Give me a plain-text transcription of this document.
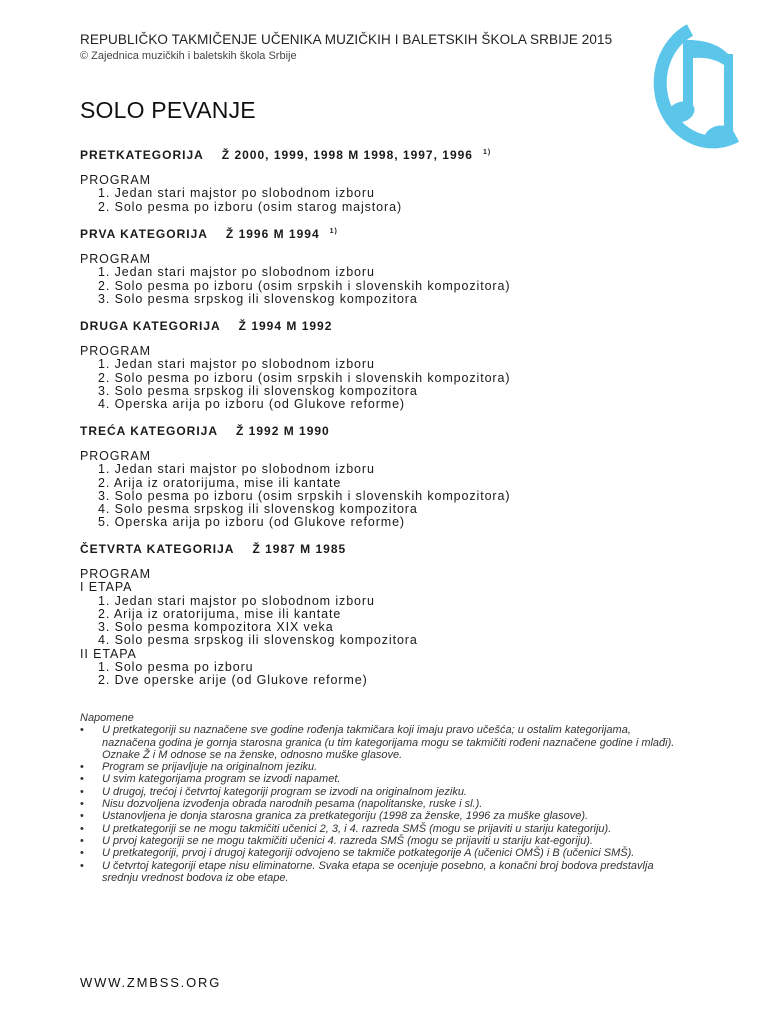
REPUBLIČKO TAKMIČENJE UČENIKA MUZIČKIH I BALETSKIH ŠKOLA SRBIJE 2015
© Zajednica muzičkih i baletskih škola Srbije
SOLO PEVANJE
PRETKATEGORIJA Ž 2000, 1999, 1998 M 1998, 1997, 1996 $^{1)}$
PROGRAM
1. Jedan stari majstor po slobodnom izboru
2. Solo pesma po izboru (osim starog majstora)
PRVA KATEGORIJA Ž 1996 M 1994 $^{1)}$
PROGRAM
1. Jedan stari majstor po slobodnom izboru
2. Solo pesma po izboru (osim srpskih i slovenskih kompozitora)
3. Solo pesma srpskog ili slovenskog kompozitora
DRUGA KATEGORIJA Ž 1994 M 1992
PROGRAM
1. Jedan stari majstor po slobodnom izboru
2. Solo pesma po izboru (osim srpskih i slovenskih kompozitora)
3. Solo pesma srpskog ili slovenskog kompozitora
4. Operska arija po izboru (od Glukove reforme)
TREĆA KATEGORIJA Ž 1992 M 1990
PROGRAM
1. Jedan stari majstor po slobodnom izboru
2. Arija iz oratorijuma, mise ili kantate
3. Solo pesma po izboru (osim srpskih i slovenskih kompozitora)
4. Solo pesma srpskog ili slovenskog kompozitora
5. Operska arija po izboru (od Glukove reforme)
ČETVRTA KATEGORIJA Ž 1987 M 1985
PROGRAM
I ETAPA
1. Jedan stari majstor po slobodnom izboru
2. Arija iz oratorijuma, mise ili kantate
3. Solo pesma kompozitora XIX veka
4. Solo pesma srpskog ili slovenskog kompozitora
II ETAPA
1. Solo pesma po izboru
2. Dve operske arije (od Glukove reforme)
Napomene
• U pretkategoriji su naznačene sve godine rođenja takmičara koji imaju pravo učešća; u ostalim kategorijama, naznačena godina je gornja starosna granica (u tim kategorijama mogu se takmičiti rođeni naznačene godine i mlađi). Oznake Ž i M odnose se na ženske, odnosno muške glasove.
• Program se prijavljuje na originalnom jeziku.
• U svim kategorijama program se izvodi napamet.
• U drugoj, trećoj i četvrtoj kategoriji program se izvodi na originalnom jeziku.
• Nisu dozvoljena izvođenja obrada narodnih pesama (napolitanske, ruske i sl.).
• Ustanovljena je donja starosna granica za pretkategoriju (1998 za ženske, 1996 za muške glasove).
• U pretkategoriji se ne mogu takmičiti učenici 2, 3, i 4. razreda SMŠ (mogu se prijaviti u stariju kategoriju).
• U prvoj kategoriji se ne mogu takmičiti učenici 4. razreda SMŠ (mogu se prijaviti u stariju kat-egoriju).
• U pretkategoriji, prvoj i drugoj kategoriji odvojeno se takmiče potkategorije A (učenici OMŠ) i B (učenici SMŠ).
• U četvrtoj kategoriji etape nisu eliminatorne. Svaka etapa se ocenjuje posebno, a konačni broj bodova predstavlja srednju vrednost bodova iz obe etape.
WWW.ZMBSS.ORG
